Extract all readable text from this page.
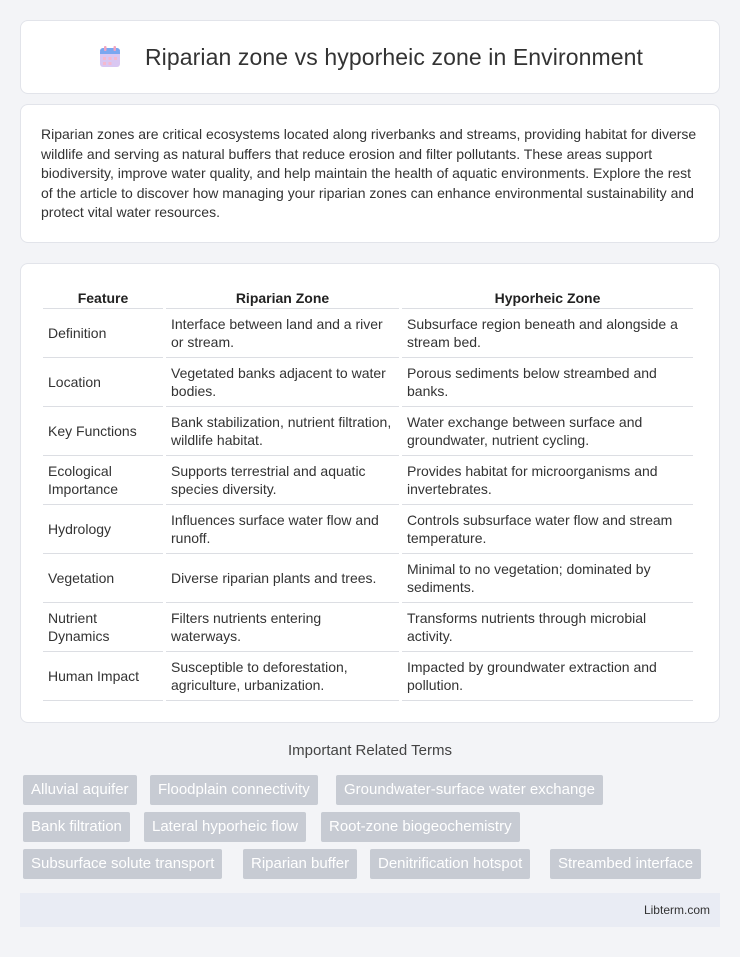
Riparian zone vs hyporheic zone in Environment

Riparian zones are critical ecosystems located along riverbanks and streams, providing habitat for diverse wildlife and serving as natural buffers that reduce erosion and filter pollutants. These areas support biodiversity, improve water quality, and help maintain the health of aquatic environments. Explore the rest of the article to discover how managing your riparian zones can enhance environmental sustainability and protect vital water resources.

Feature	Riparian Zone	Hyporheic Zone
Definition	Interface between land and a river or stream.	Subsurface region beneath and alongside a stream bed.
Location	Vegetated banks adjacent to water bodies.	Porous sediments below streambed and banks.
Key Functions	Bank stabilization, nutrient filtration, wildlife habitat.	Water exchange between surface and groundwater, nutrient cycling.
Ecological Importance	Supports terrestrial and aquatic species diversity.	Provides habitat for microorganisms and invertebrates.
Hydrology	Influences surface water flow and runoff.	Controls subsurface water flow and stream temperature.
Vegetation	Diverse riparian plants and trees.	Minimal to no vegetation; dominated by sediments.
Nutrient Dynamics	Filters nutrients entering waterways.	Transforms nutrients through microbial activity.
Human Impact	Susceptible to deforestation, agriculture, urbanization.	Impacted by groundwater extraction and pollution.
Important Related Terms
Alluvial aquifer	Floodplain connectivity	Groundwater-surface water exchange
Bank filtration	Lateral hyporheic flow	Root-zone biogeochemistry
Subsurface solute transport	Riparian buffer	Denitrification hotspot	Streambed interface
Libterm.com
